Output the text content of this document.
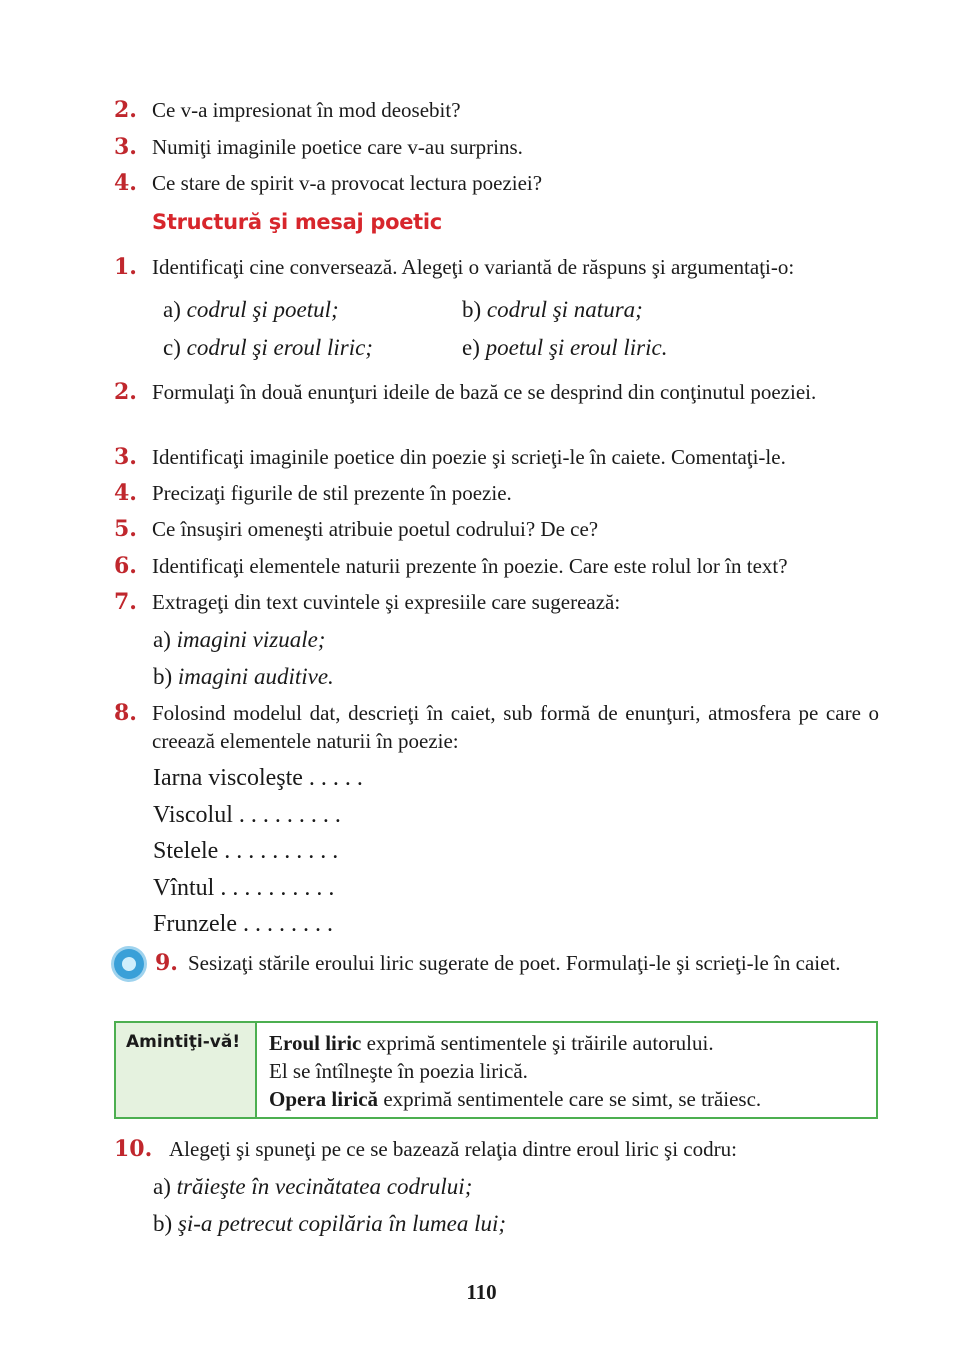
2. Ce v-a impresionat în mod deosebit?
3. Numiţi imaginile poetice care v-au surprins.
4. Ce stare de spirit v-a provocat lectura poeziei?
Structură şi mesaj poetic
1. Identificaţi cine conversează. Alegeţi o variantă de răspuns şi argumentaţi-o:
a) codrul şi poetul;	b) codrul şi natura;
c) codrul şi eroul liric;	e) poetul şi eroul liric.
2. Formulaţi în două enunţuri ideile de bază ce se desprind din conţinutul poeziei.
3. Identificaţi imaginile poetice din poezie şi scrieţi-le în caiete. Comentaţi-le.
4. Precizaţi figurile de stil prezente în poezie.
5. Ce însuşiri omeneşti atribuie poetul codrului? De ce?
6. Identificaţi elementele naturii prezente în poezie. Care este rolul lor în text?
7. Extrageţi din text cuvintele şi expresiile care sugerează:
a) imagini vizuale;
b) imagini auditive.
8. Folosind modelul dat, descrieţi în caiet, sub formă de enunţuri, atmosfera pe care o creează elementele naturii în poezie:
Iarna viscoleşte . . . . .
Viscolul . . . . . . . . .
Stelele . . . . . . . . . .
Vîntul . . . . . . . . . .
Frunzele . . . . . . . .
9. Sesizaţi stările eroului liric sugerate de poet. Formulaţi-le şi scrieţi-le în caiet.
Amintiţi-vă!	Eroul liric exprimă sentimentele şi trăirile autorului.
El se întîlneşte în poezia lirică.
Opera lirică exprimă sentimentele care se simt, se trăiesc.
10. Alegeţi şi spuneţi pe ce se bazează relaţia dintre eroul liric şi codru:
a) trăieşte în vecinătatea codrului;
b) şi-a petrecut copilăria în lumea lui;
110
